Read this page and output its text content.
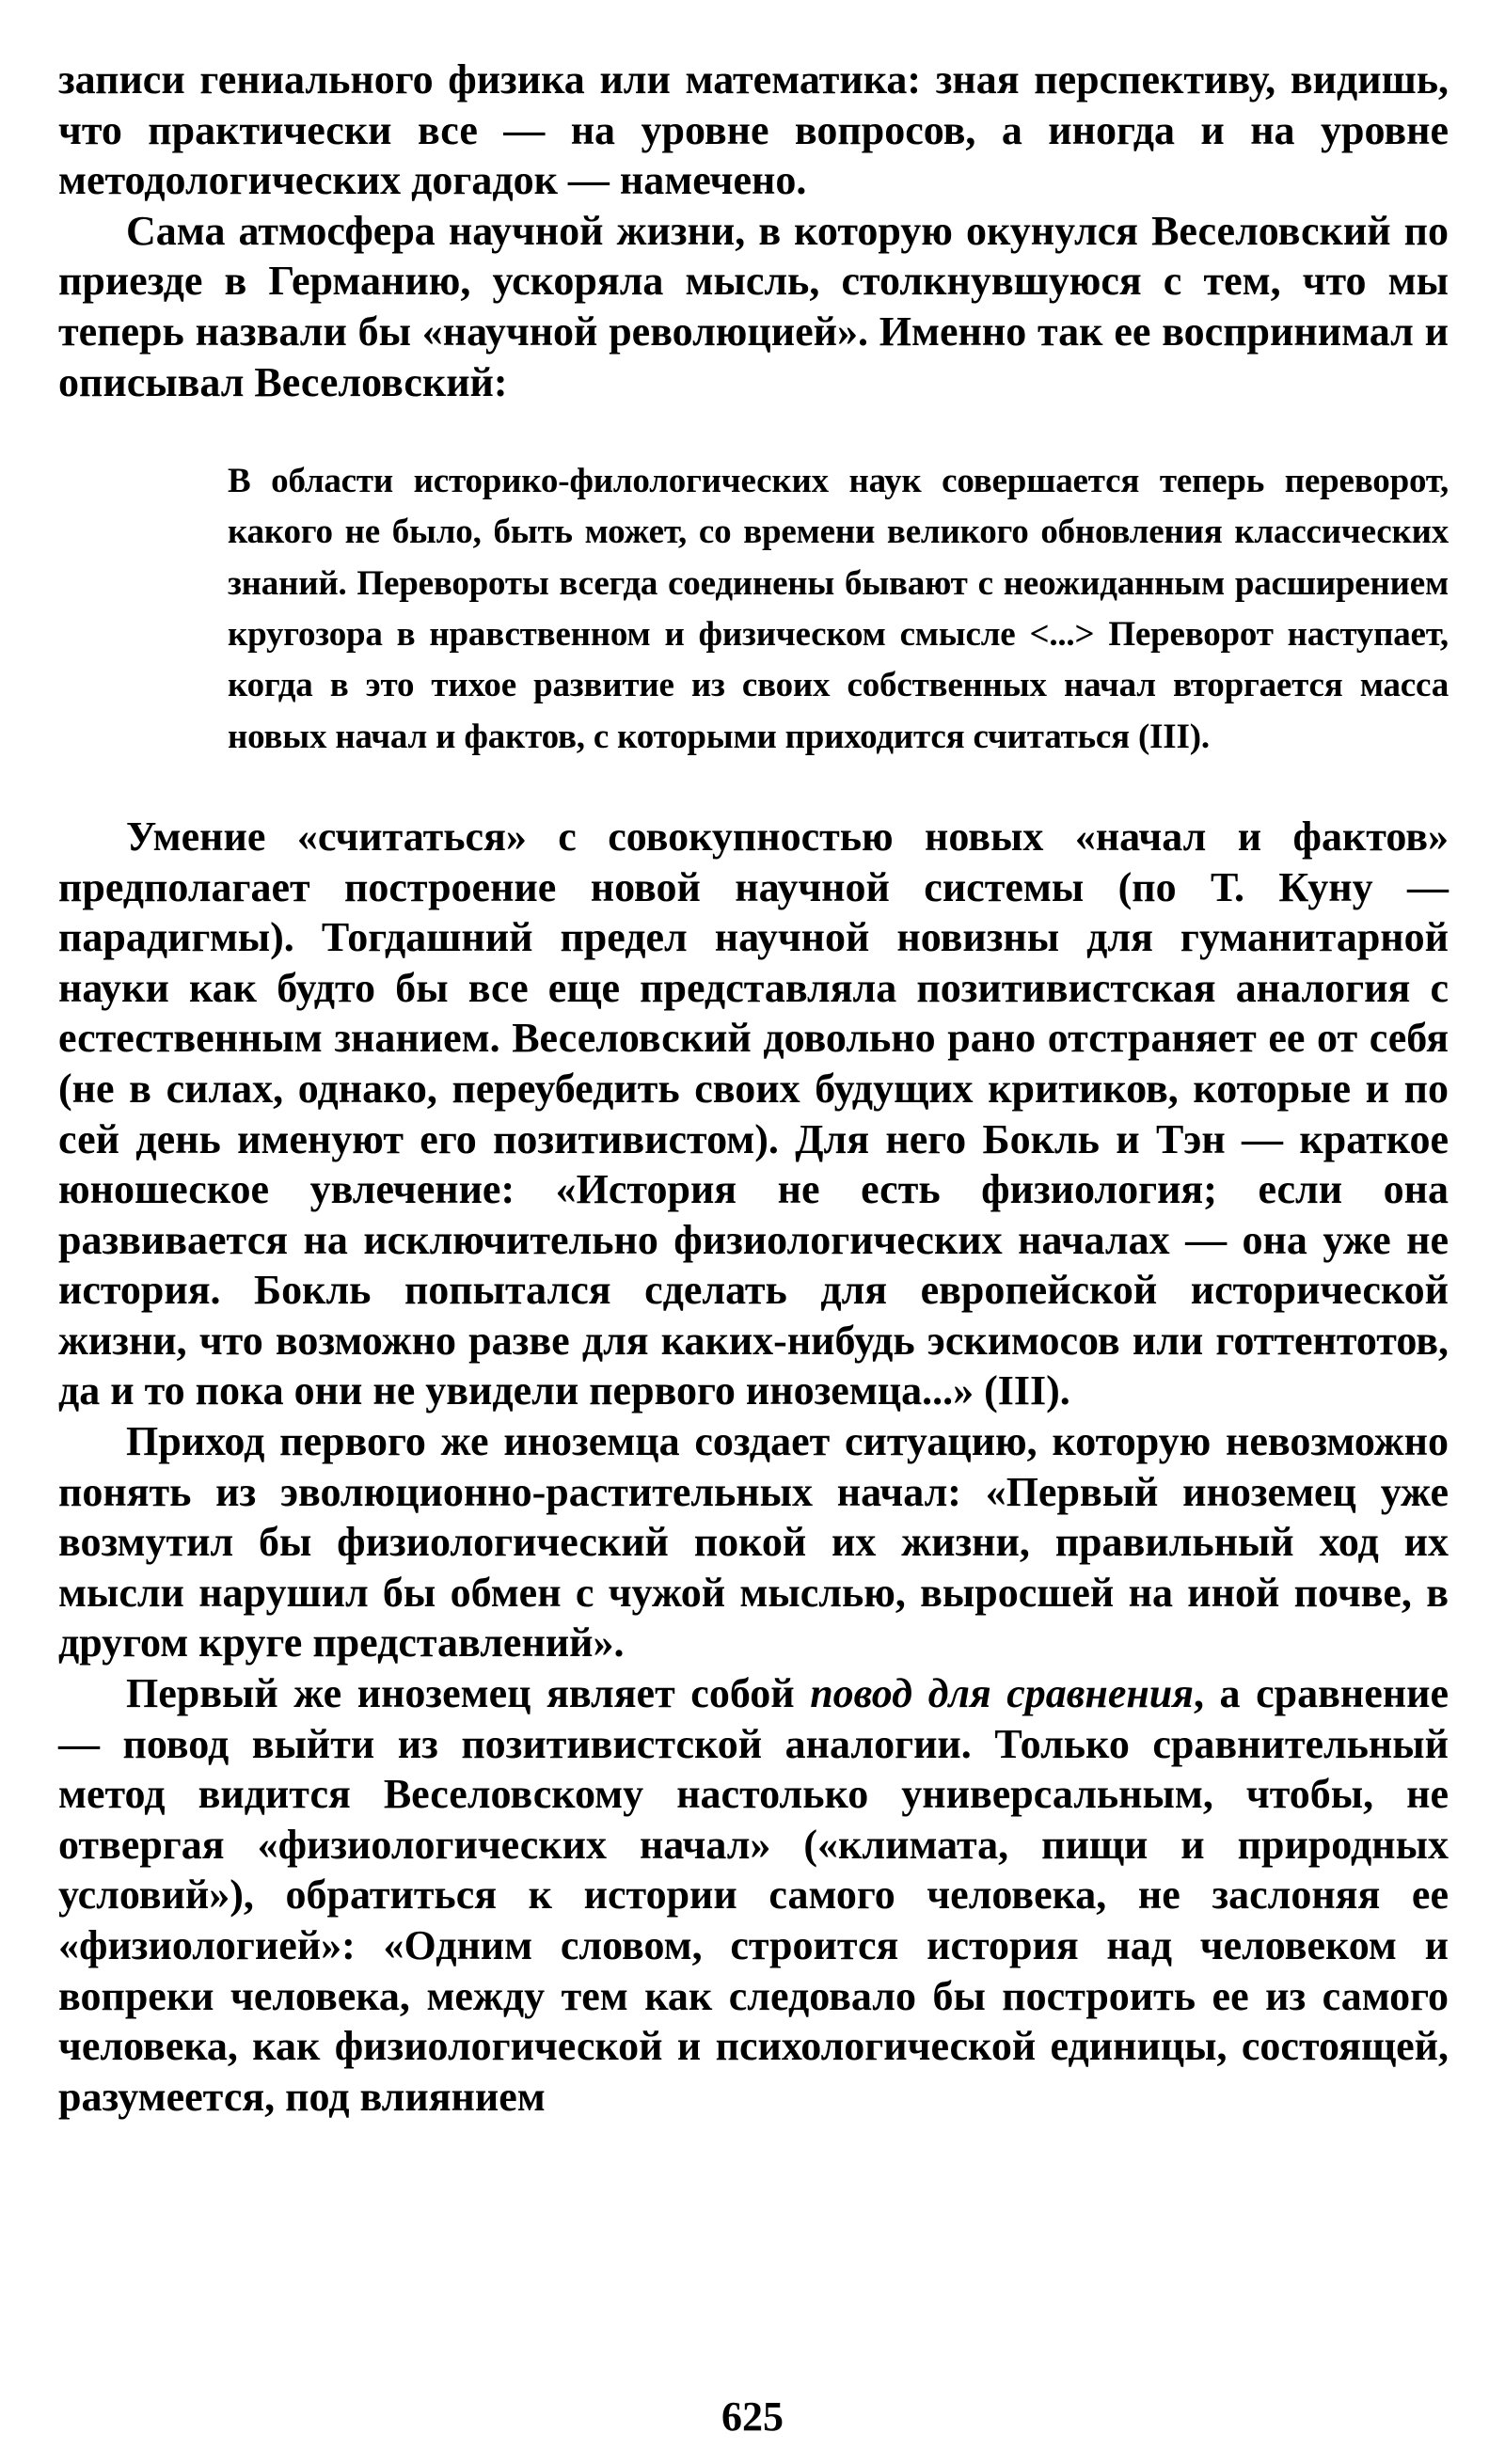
записи гениального физика или математика: зная перспективу, видишь, что практически все — на уровне вопросов, а иногда и на уровне методологических догадок — намечено.

Сама атмосфера научной жизни, в которую окунулся Веселовский по приезде в Германию, ускоряла мысль, столкнувшуюся с тем, что мы теперь назвали бы «научной революцией». Именно так ее воспринимал и описывал Веселовский:

В области историко-филологических наук совершается теперь переворот, какого не было, быть может, со времени великого обновления классических знаний. Перевороты всегда соединены бывают с неожиданным расширением кругозора в нравственном и физическом смысле <...> Переворот наступает, когда в это тихое развитие из своих собственных начал вторгается масса новых начал и фактов, с которыми приходится считаться (III).

Умение «считаться» с совокупностью новых «начал и фактов» предполагает построение новой научной системы (по Т. Куну — парадигмы). Тогдашний предел научной новизны для гуманитарной науки как будто бы все еще представляла позитивистская аналогия с естественным знанием. Веселовский довольно рано отстраняет ее от себя (не в силах, однако, переубедить своих будущих критиков, которые и по сей день именуют его позитивистом). Для него Бокль и Тэн — краткое юношеское увлечение: «История не есть физиология; если она развивается на исключительно физиологических началах — она уже не история. Бокль попытался сделать для европейской исторической жизни, что возможно разве для каких-нибудь эскимосов или готтентотов, да и то пока они не увидели первого иноземца...» (III).

Приход первого же иноземца создает ситуацию, которую невозможно понять из эволюционно-растительных начал: «Первый иноземец уже возмутил бы физиологический покой их жизни, правильный ход их мысли нарушил бы обмен с чужой мыслью, выросшей на иной почве, в другом круге представлений».

Первый же иноземец являет собой повод для сравнения, а сравнение — повод выйти из позитивистской аналогии. Только сравнительный метод видится Веселовскому настолько универсальным, чтобы, не отвергая «физиологических начал» («климата, пищи и природных условий»), обратиться к истории самого человека, не заслоняя ее «физиологией»: «Одним словом, строится история над человеком и вопреки человека, между тем как следовало бы построить ее из самого человека, как физиологической и психологической единицы, состоящей, разумеется, под влиянием

625
